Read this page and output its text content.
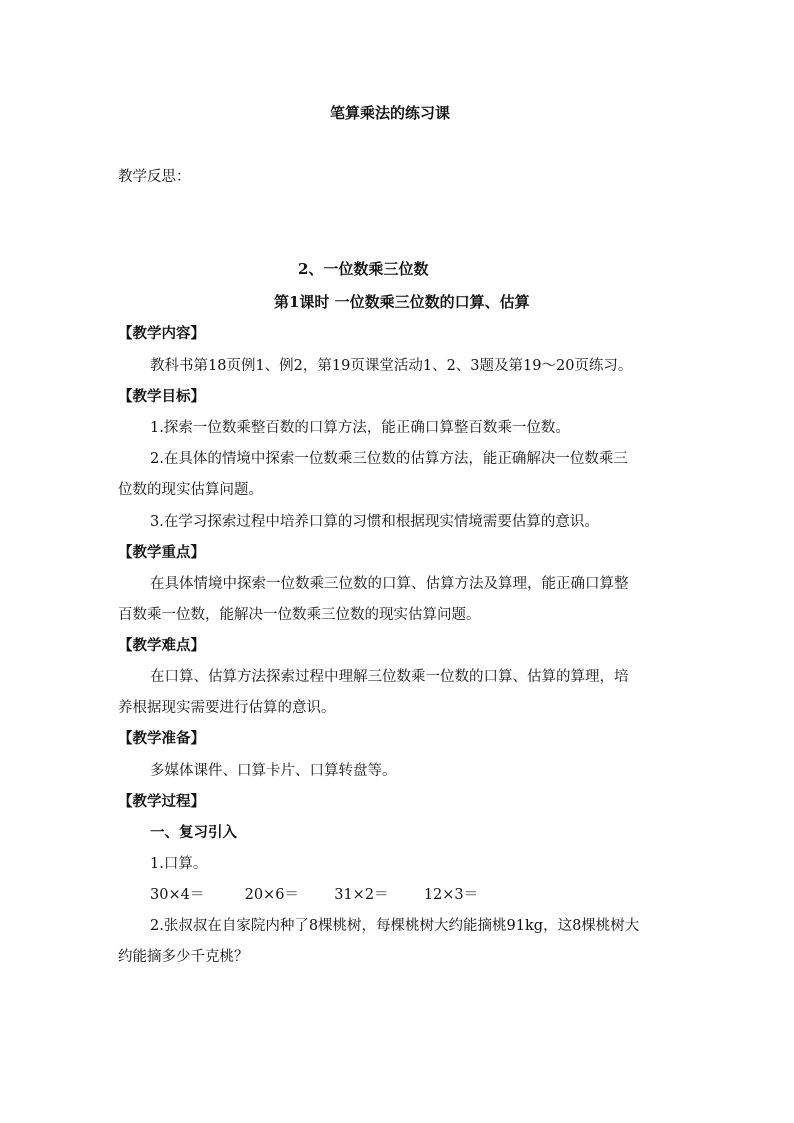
笔算乘法的练习课
教学反思：
2、一位数乘三位数
第1课时 一位数乘三位数的口算、估算
【教学内容】
教科书第18页例1、例2，第19页课堂活动1、2、3题及第19～20页练习。
【教学目标】
1.探索一位数乘整百数的口算方法，能正确口算整百数乘一位数。
2.在具体的情境中探索一位数乘三位数的估算方法，能正确解决一位数乘三
位数的现实估算问题。
3.在学习探索过程中培养口算的习惯和根据现实情境需要估算的意识。
【教学重点】
在具体情境中探索一位数乘三位数的口算、估算方法及算理，能正确口算整
百数乘一位数，能解决一位数乘三位数的现实估算问题。
【教学难点】
在口算、估算方法探索过程中理解三位数乘一位数的口算、估算的算理，培
养根据现实需要进行估算的意识。
【教学准备】
多媒体课件、口算卡片、口算转盘等。
【教学过程】
一、复习引入
1.口算。
30×4＝	20×6＝ 31×2＝ 12×3＝
2.张叔叔在自家院内种了8棵桃树，每棵桃树大约能摘桃91kg，这8棵桃树大
约能摘多少千克桃？
